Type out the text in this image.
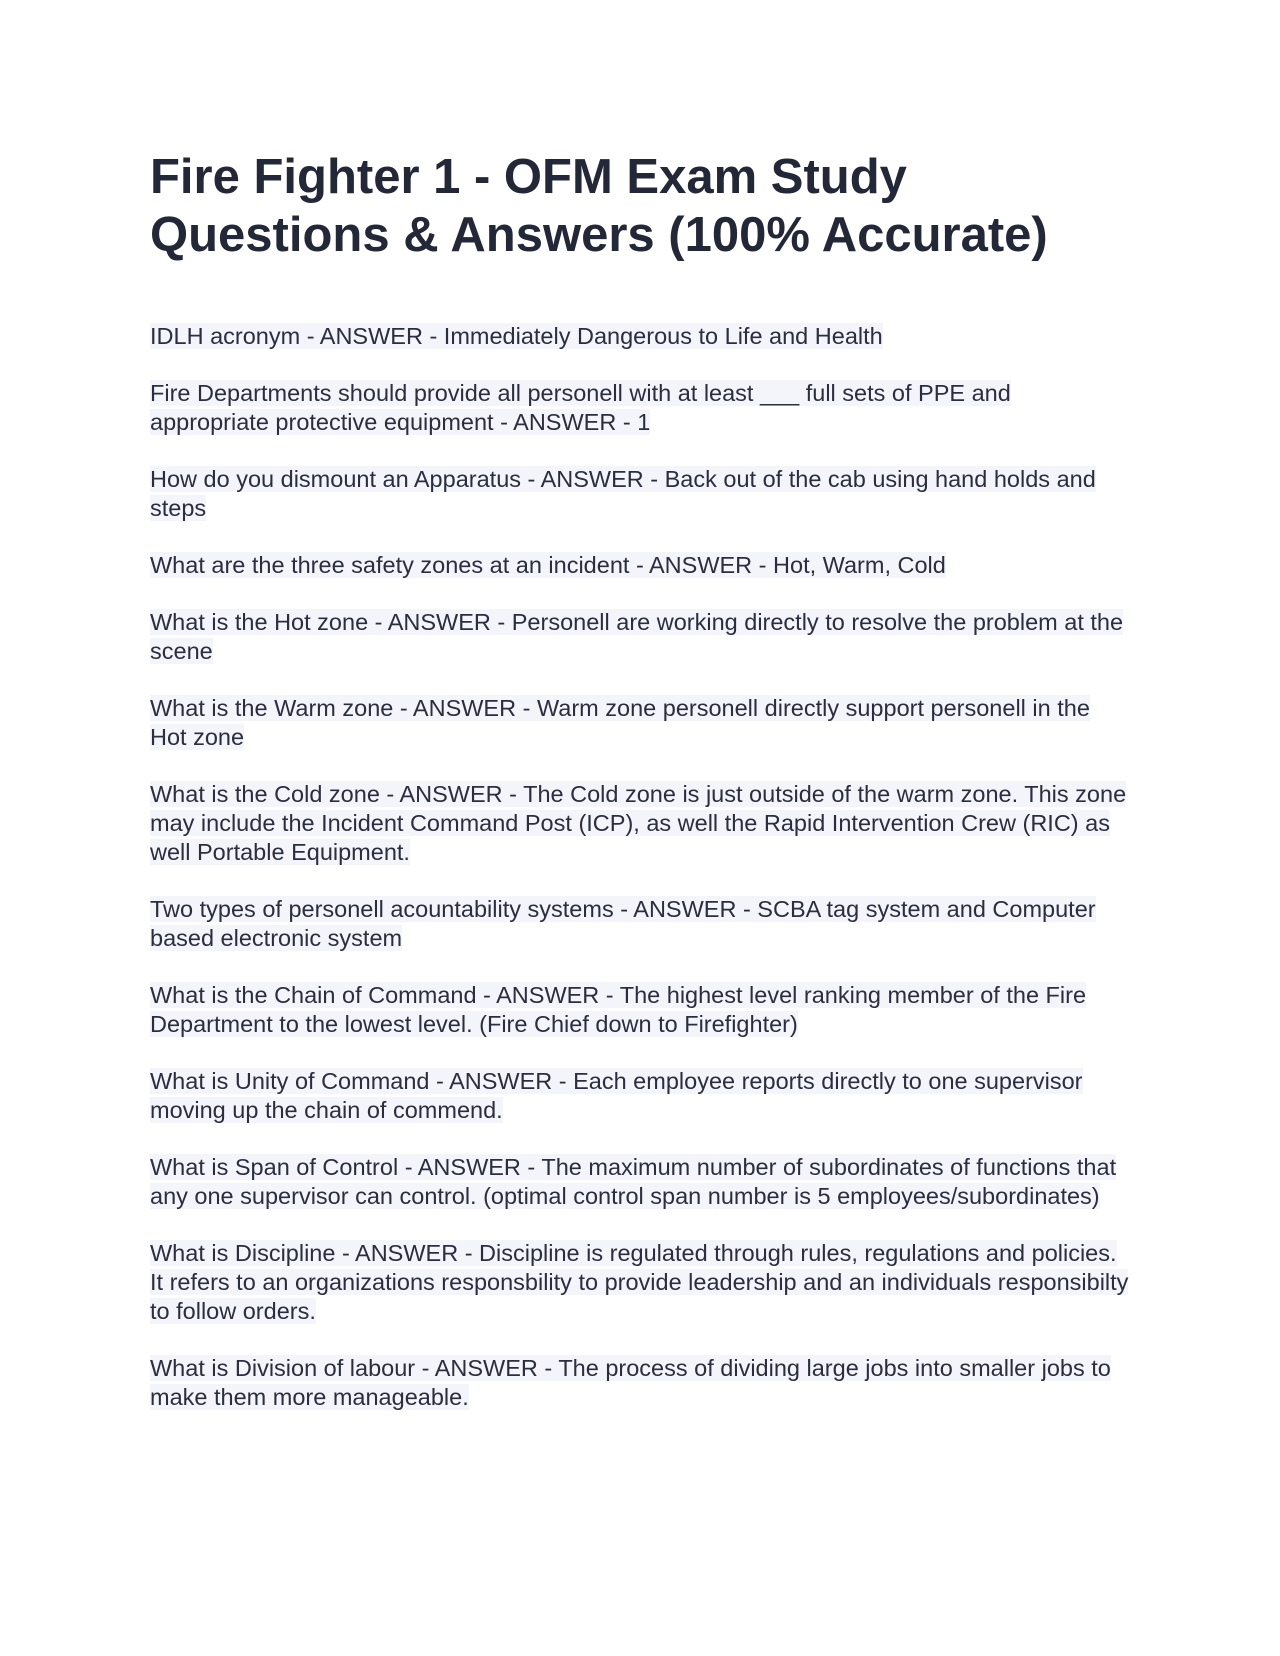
Fire Fighter 1 - OFM Exam Study Questions & Answers (100% Accurate)
IDLH acronym - ANSWER - Immediately Dangerous to Life and Health
Fire Departments should provide all personell with at least ___ full sets of PPE and appropriate protective equipment - ANSWER - 1
How do you dismount an Apparatus - ANSWER - Back out of the cab using hand holds and steps
What are the three safety zones at an incident - ANSWER - Hot, Warm, Cold
What is the Hot zone - ANSWER - Personell are working directly to resolve the problem at the scene
What is the Warm zone - ANSWER - Warm zone personell directly support personell in the Hot zone
What is the Cold zone - ANSWER - The Cold zone is just outside of the warm zone. This zone may include the Incident Command Post (ICP), as well the Rapid Intervention Crew (RIC) as well Portable Equipment.
Two types of personell acountability systems - ANSWER - SCBA tag system and Computer based electronic system
What is the Chain of Command - ANSWER - The highest level ranking member of the Fire Department to the lowest level. (Fire Chief down to Firefighter)
What is Unity of Command - ANSWER - Each employee reports directly to one supervisor moving up the chain of commend.
What is Span of Control - ANSWER - The maximum number of subordinates of functions that any one supervisor can control. (optimal control span number is 5 employees/subordinates)
What is Discipline - ANSWER - Discipline is regulated through rules, regulations and policies. It refers to an organizations responsbility to provide leadership and an individuals responsibilty to follow orders.
What is Division of labour - ANSWER - The process of dividing large jobs into smaller jobs to make them more manageable.
